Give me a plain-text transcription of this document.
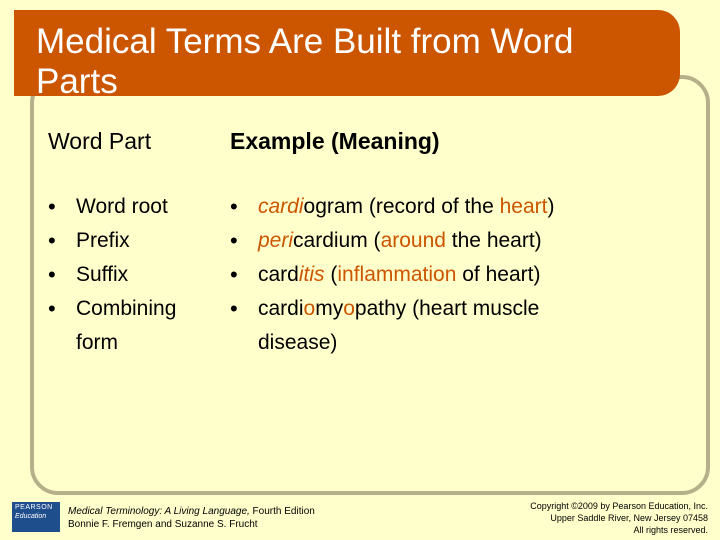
Medical Terms Are Built from Word Parts
Word Part	Example (Meaning)
• Word root
• Prefix
• Suffix
• Combining form
• cardiogram (record of the heart)
• pericardium (around the heart)
• carditis (inflammation of heart)
• cardiomyopathy (heart muscle disease)
PEARSON
Education	Medical Terminology: A Living Language, Fourth Edition
Bonnie F. Fremgen and Suzanne S. Frucht
Copyright ©2009 by Pearson Education, Inc.
Upper Saddle River, New Jersey 07458
All rights reserved.
